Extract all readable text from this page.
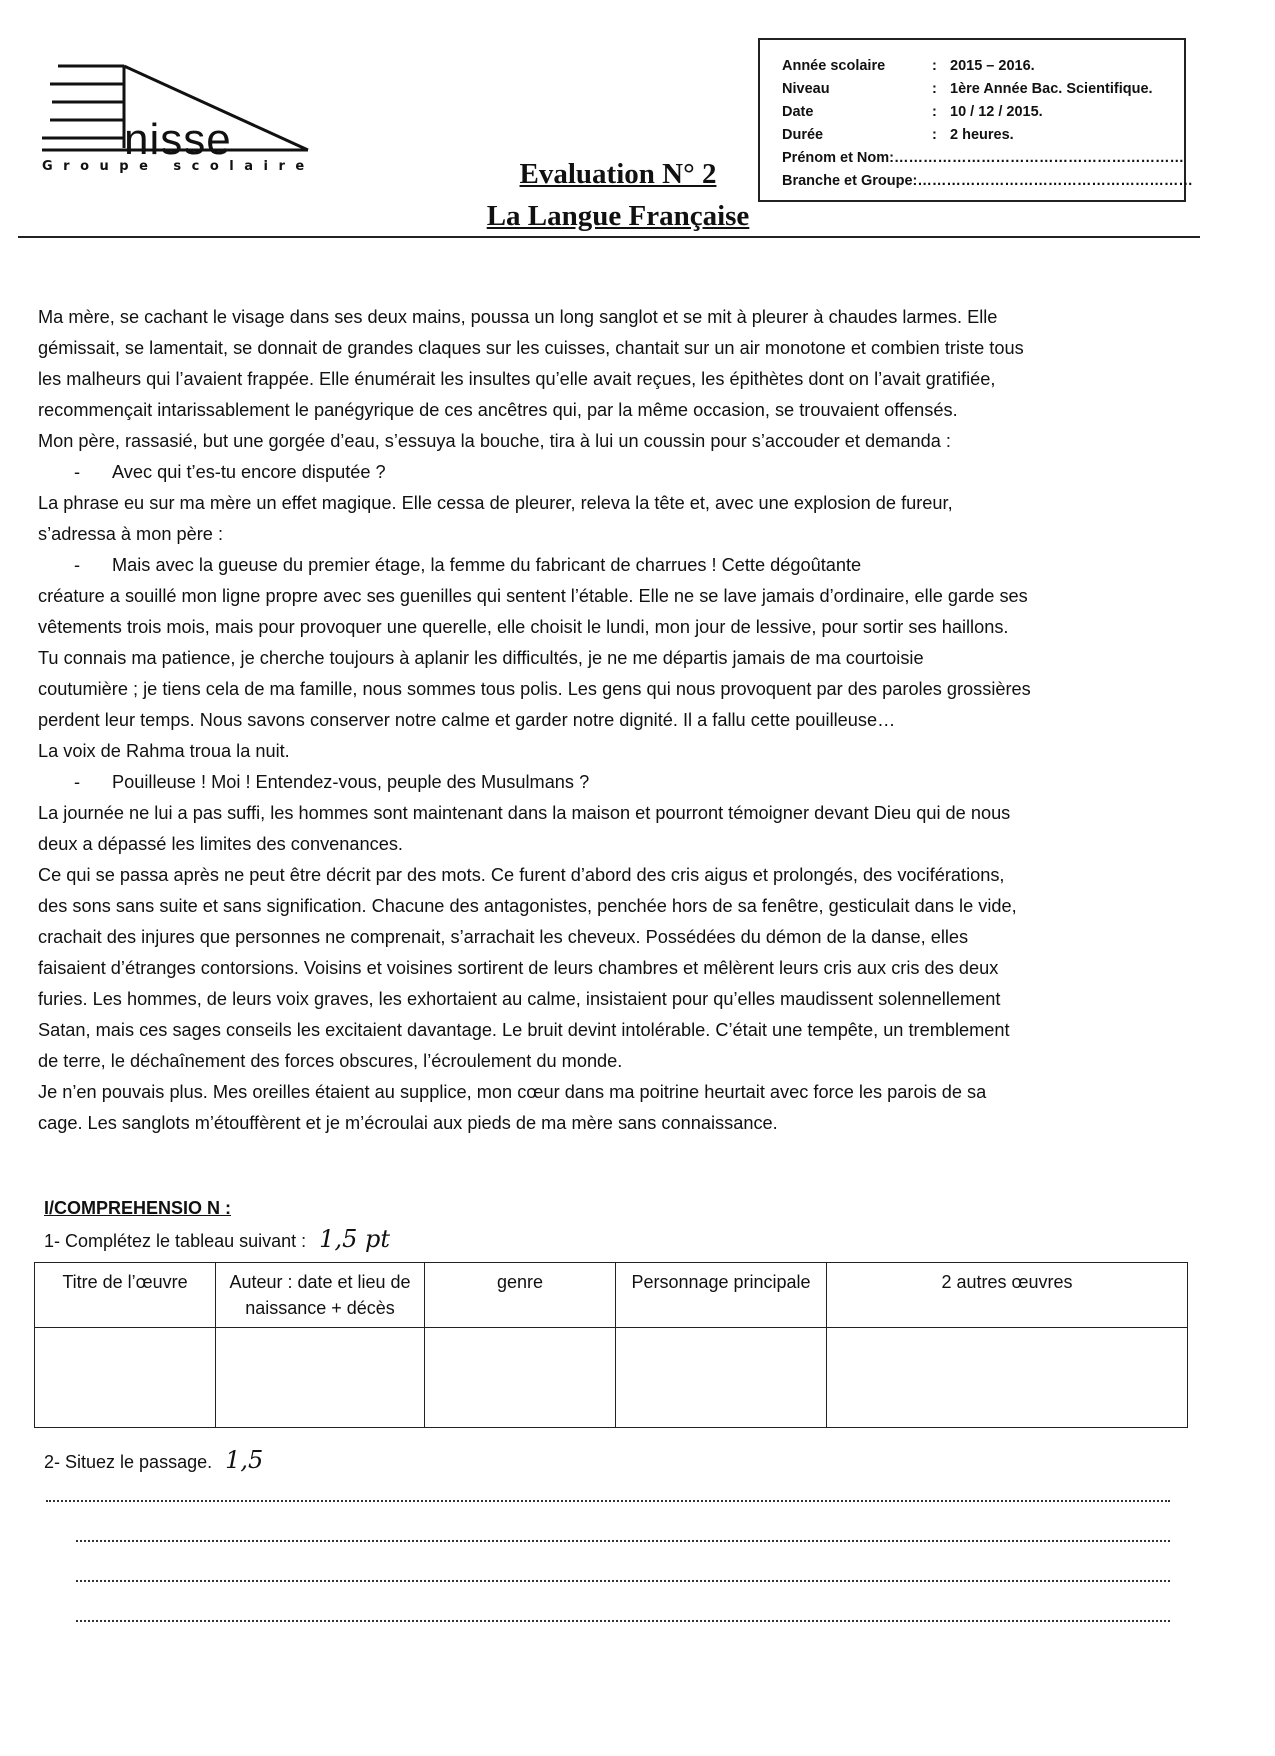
nisse
Groupe scolaire
Année scolaire	: 2015 – 2016.
Niveau	: 1ère Année Bac. Scientifique.
Date	: 10 / 12 / 2015.
Durée	: 2 heures.
Prénom et Nom : ……………………………………………………
Branche et Groupe : …………………………………………………
Evaluation N° 2
La Langue Française
Ma mère, se cachant le visage dans ses deux mains, poussa un long sanglot et se mit à pleurer à chaudes larmes. Elle
gémissait, se lamentait, se donnait de grandes claques sur les cuisses, chantait sur un air monotone et combien triste tous
les malheurs qui l’avaient frappée. Elle énumérait les insultes qu’elle avait reçues, les épithètes dont on l’avait gratifiée,
recommençait intarissablement le panégyrique de ces ancêtres qui, par la même occasion, se trouvaient offensés.
Mon père, rassasié, but une gorgée d’eau, s’essuya la bouche, tira à lui un coussin pour s’accouder et demanda :
- Avec qui t’es-tu encore disputée ?
La phrase eu sur ma mère un effet magique. Elle cessa de pleurer, releva la tête et, avec une explosion de fureur,
s’adressa à mon père :
- Mais avec la gueuse du premier étage, la femme du fabricant de charrues ! Cette dégoûtante
créature a souillé mon ligne propre avec ses guenilles qui sentent l’étable. Elle ne se lave jamais d’ordinaire, elle garde ses
vêtements trois mois, mais pour provoquer une querelle, elle choisit le lundi, mon jour de lessive, pour sortir ses haillons.
Tu connais ma patience, je cherche toujours à aplanir les difficultés, je ne me départis jamais de ma courtoisie
coutumière ; je tiens cela de ma famille, nous sommes tous polis. Les gens qui nous provoquent par des paroles grossières
perdent leur temps. Nous savons conserver notre calme et garder notre dignité. Il a fallu cette pouilleuse…
La voix de Rahma troua la nuit.
- Pouilleuse ! Moi ! Entendez-vous, peuple des Musulmans ?
La journée ne lui a pas suffi, les hommes sont maintenant dans la maison et pourront témoigner devant Dieu qui de nous
deux a dépassé les limites des convenances.
Ce qui se passa après ne peut être décrit par des mots. Ce furent d’abord des cris aigus et prolongés, des vociférations,
des sons sans suite et sans signification. Chacune des antagonistes, penchée hors de sa fenêtre, gesticulait dans le vide,
crachait des injures que personnes ne comprenait, s’arrachait les cheveux. Possédées du démon de la danse, elles
faisaient d’étranges contorsions. Voisins et voisines sortirent de leurs chambres et mêlèrent leurs cris aux cris des deux
furies. Les hommes, de leurs voix graves, les exhortaient au calme, insistaient pour qu’elles maudissent solennellement
Satan, mais ces sages conseils les excitaient davantage. Le bruit devint intolérable. C’était une tempête, un tremblement
de terre, le déchaînement des forces obscures, l’écroulement du monde.
Je n’en pouvais plus. Mes oreilles étaient au supplice, mon cœur dans ma poitrine heurtait avec force les parois de sa
cage. Les sanglots m’étouffèrent et je m’écroulai aux pieds de ma mère sans connaissance.
I/COMPREHENSIO N :
1- Complétez le tableau suivant : 1,5 pt
Titre de l’œuvre	Auteur : date et lieu de naissance + décès	genre	Personnage principale	2 autres œuvres

2- Situez le passage. 1,5
